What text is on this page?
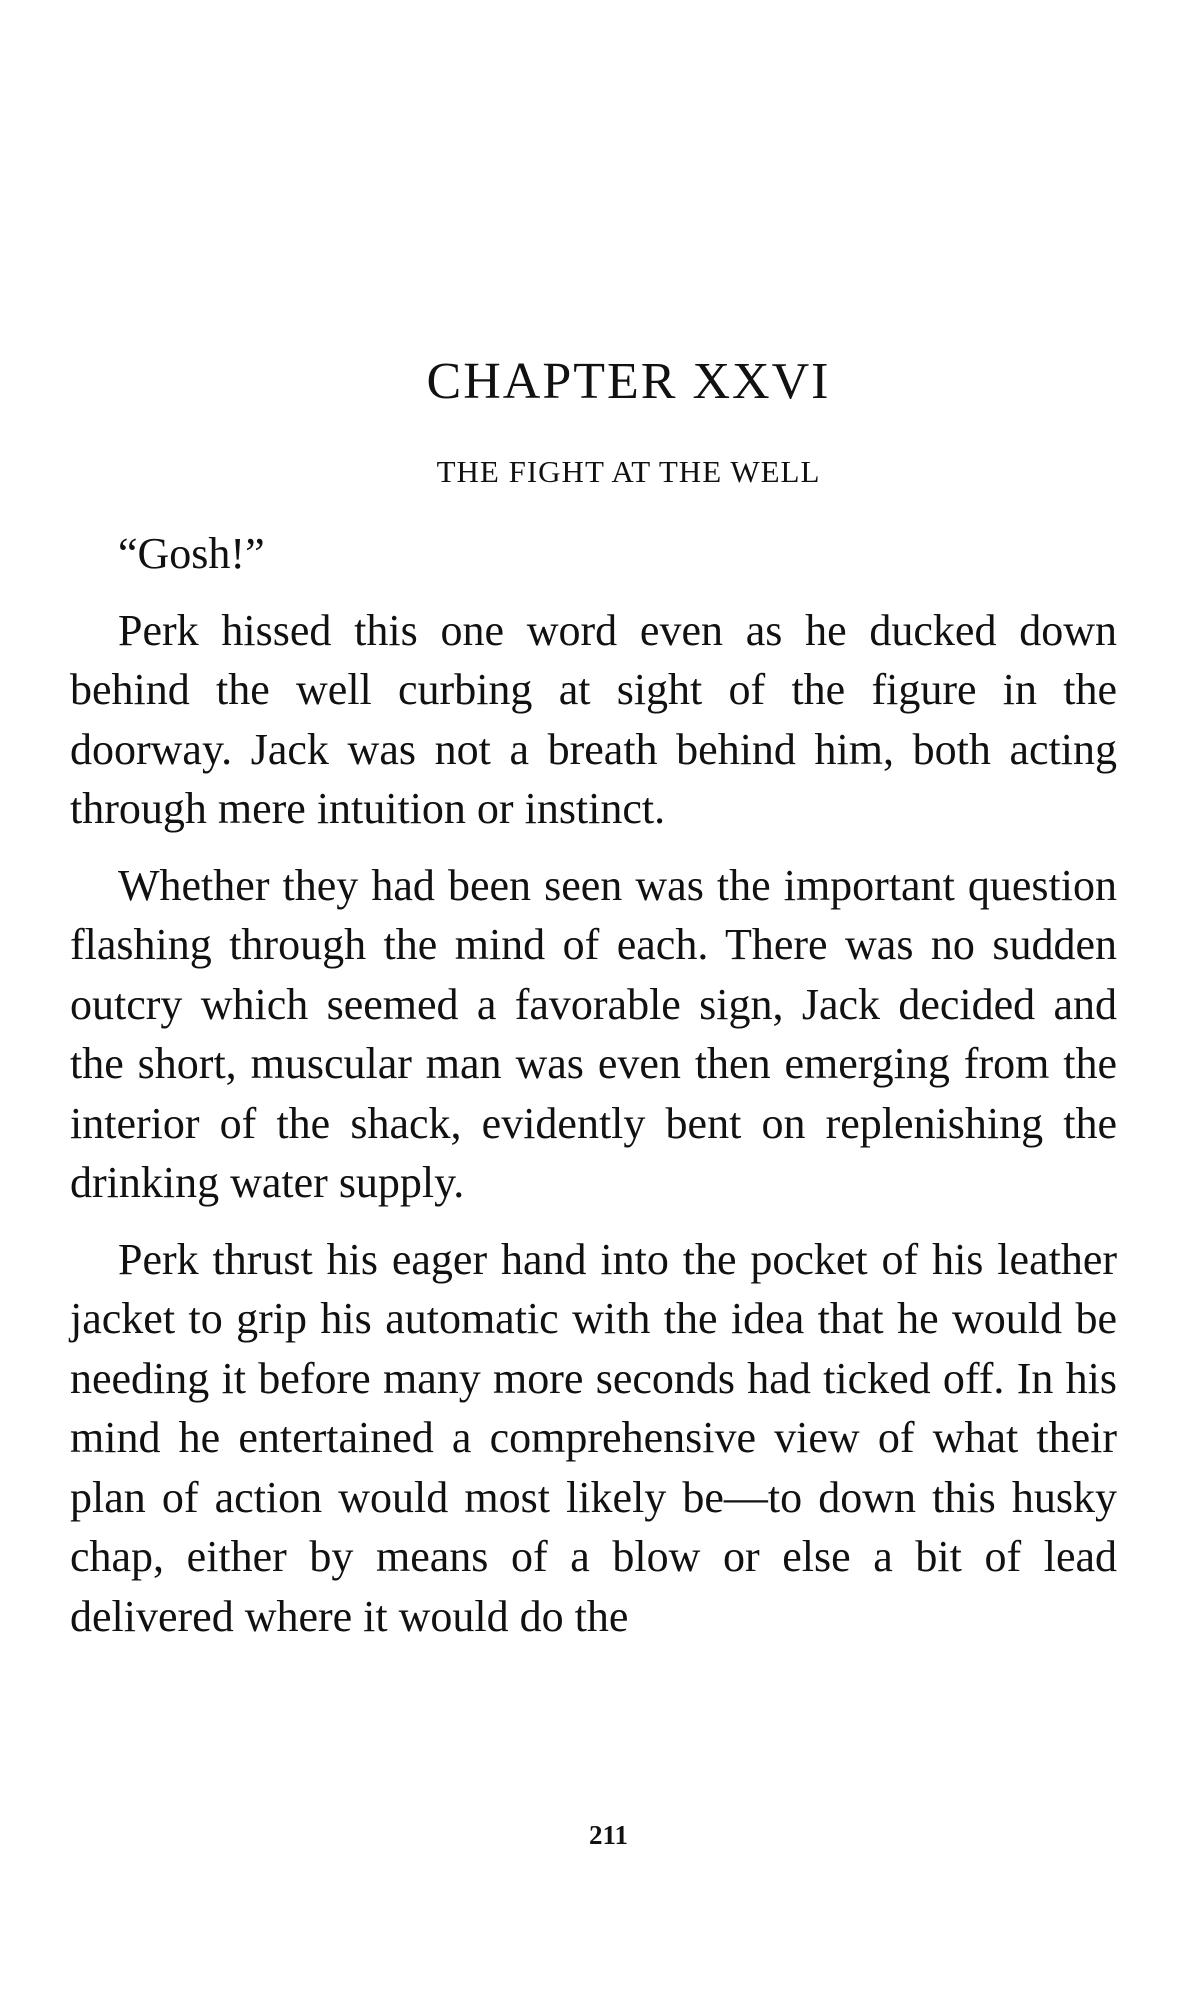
CHAPTER XXVI
THE FIGHT AT THE WELL

“Gosh!”

Perk hissed this one word even as he ducked down behind the well curbing at sight of the figure in the doorway. Jack was not a breath behind him, both acting through mere intuition or instinct.

Whether they had been seen was the important question flashing through the mind of each. There was no sudden outcry which seemed a favorable sign, Jack decided and the short, muscular man was even then emerging from the interior of the shack, evidently bent on replenishing the drinking water supply.

Perk thrust his eager hand into the pocket of his leather jacket to grip his automatic with the idea that he would be needing it before many more seconds had ticked off. In his mind he entertained a comprehensive view of what their plan of action would most likely be—to down this husky chap, either by means of a blow or else a bit of lead delivered where it would do the

211
